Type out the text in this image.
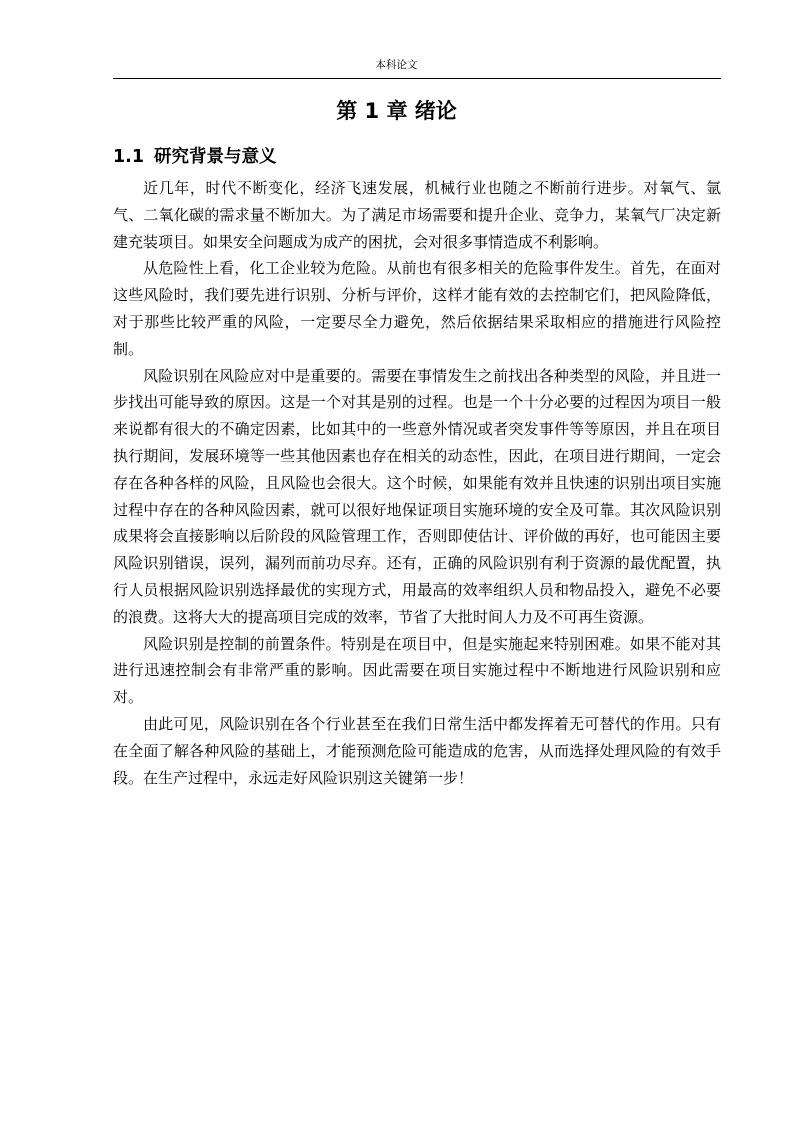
本科论文
第 1 章 绪论
1.1 研究背景与意义

近几年，时代不断变化，经济飞速发展，机械行业也随之不断前行进步。对氧气、氩气、二氧化碳的需求量不断加大。为了满足市场需要和提升企业、竞争力，某氧气厂决定新建充装项目。如果安全问题成为成产的困扰，会对很多事情造成不利影响。

从危险性上看，化工企业较为危险。从前也有很多相关的危险事件发生。首先，在面对这些风险时，我们要先进行识别、分析与评价，这样才能有效的去控制它们，把风险降低，对于那些比较严重的风险，一定要尽全力避免，然后依据结果采取相应的措施进行风险控制。

风险识别在风险应对中是重要的。需要在事情发生之前找出各种类型的风险，并且进一步找出可能导致的原因。这是一个对其是别的过程。也是一个十分必要的过程因为项目一般来说都有很大的不确定因素，比如其中的一些意外情况或者突发事件等等原因，并且在项目执行期间，发展环境等一些其他因素也存在相关的动态性，因此，在项目进行期间，一定会存在各种各样的风险，且风险也会很大。这个时候，如果能有效并且快速的识别出项目实施过程中存在的各种风险因素，就可以很好地保证项目实施环境的安全及可靠。其次风险识别成果将会直接影响以后阶段的风险管理工作，否则即使估计、评价做的再好，也可能因主要风险识别错误，误列，漏列而前功尽弃。还有，正确的风险识别有利于资源的最优配置，执行人员根据风险识别选择最优的实现方式，用最高的效率组织人员和物品投入，避免不必要的浪费。这将大大的提高项目完成的效率，节省了大批时间人力及不可再生资源。

风险识别是控制的前置条件。特别是在项目中，但是实施起来特别困难。如果不能对其进行迅速控制会有非常严重的影响。因此需要在项目实施过程中不断地进行风险识别和应对。

由此可见，风险识别在各个行业甚至在我们日常生活中都发挥着无可替代的作用。只有在全面了解各种风险的基础上，才能预测危险可能造成的危害，从而选择处理风险的有效手段。在生产过程中，永远走好风险识别这关键第一步！
